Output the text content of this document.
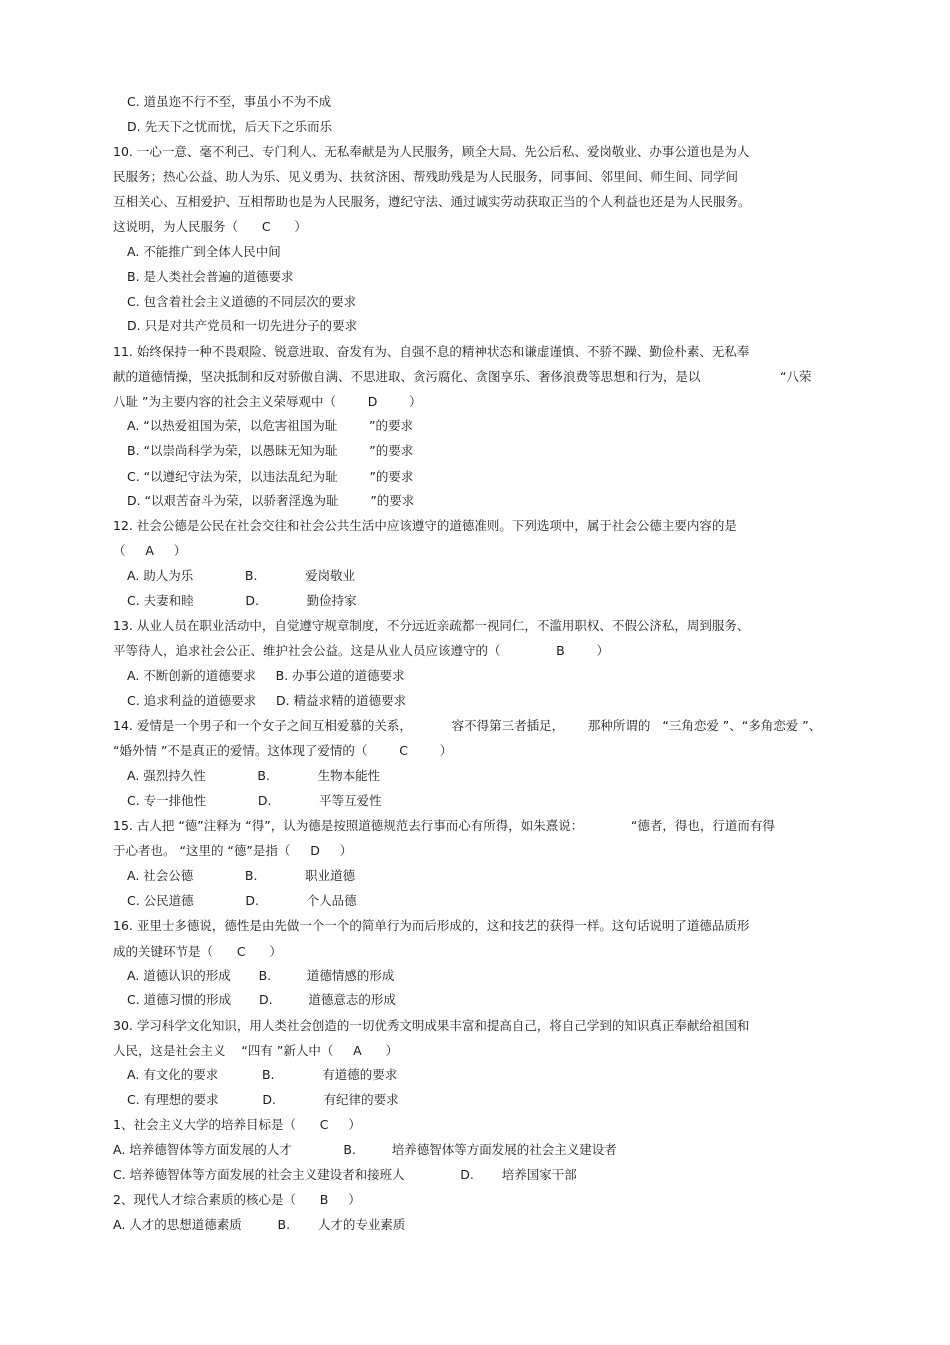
C. 道虽迩不行不至，事虽小不为不成
D. 先天下之忧而忧，后天下之乐而乐
10. 一心一意、毫不利己、专门利人、无私奉献是为人民服务，顾全大局、先公后私、爱岗敬业、办事公道也是为人
民服务；热心公益、助人为乐、见义勇为、扶贫济困、帮残助残是为人民服务，同事间、邻里间、师生间、同学间
互相关心、互相爱护、互相帮助也是为人民服务，遵纪守法、通过诚实劳动获取正当的个人利益也还是为人民服务。
这说明，为人民服务（      C      ）
A. 不能推广到全体人民中间
B. 是人类社会普遍的道德要求
C. 包含着社会主义道德的不同层次的要求
D. 只是对共产党员和一切先进分子的要求
11. 始终保持一种不畏艰险、锐意进取、奋发有为、自强不息的精神状态和谦虚谨慎、不骄不躁、勤俭朴素、无私奉
献的道德情操，坚决抵制和反对骄傲自满、不思进取、贪污腐化、贪图享乐、奢侈浪费等思想和行为，是以                    “八荣
八耻 ”为主要内容的社会主义荣辱观中（        D        ）
A. “以热爱祖国为荣，以危害祖国为耻        ”的要求
B. “以崇尚科学为荣，以愚昧无知为耻        ”的要求
C. “以遵纪守法为荣，以违法乱纪为耻        ”的要求
D. “以艰苦奋斗为荣，以骄奢淫逸为耻        ”的要求
12. 社会公德是公民在社会交往和社会公共生活中应该遵守的道德准则。下列选项中，属于社会公德主要内容的是
（     A     ）
A. 助人为乐             B.            爱岗敬业
C. 夫妻和睦             D.            勤俭持家
13. 从业人员在职业活动中，自觉遵守规章制度，不分远近亲疏都一视同仁，不滥用职权、不假公济私，周到服务、
平等待人，追求社会公正、维护社会公益。这是从业人员应该遵守的（              B        ）
A. 不断创新的道德要求     B. 办事公道的道德要求
C. 追求利益的道德要求     D. 精益求精的道德要求
14. 爱情是一个男子和一个女子之间互相爱慕的关系，          容不得第三者插足，      那种所谓的   “三角恋爱 ”、“多角恋爱 ”、
“婚外情 ”不是真正的爱情。这体现了爱情的（        C        ）
A. 强烈持久性             B.            生物本能性
C. 专一排他性             D.            平等互爱性
15. 古人把 “德”注释为 “得”，认为德是按照道德规范去行事而心有所得，如朱熹说：            “德者，得也，行道而有得
于心者也。 “这里的 “德”是指（     D     ）
A. 社会公德             B.            职业道德
C. 公民道德             D.            个人品德
16. 亚里士多德说，德性是由先做一个一个的简单行为而后形成的，这和技艺的获得一样。这句话说明了道德品质形
成的关键环节是（      C      ）
A. 道德认识的形成       B.         道德情感的形成
C. 道德习惯的形成       D.         道德意志的形成
30. 学习科学文化知识，用人类社会创造的一切优秀文明成果丰富和提高自己，将自己学到的知识真正奉献给祖国和
人民，这是社会主义    “四有 ”新人中（     A      ）
A. 有文化的要求           B.            有道德的要求
C. 有理想的要求           D.            有纪律的要求
1、社会主义大学的培养目标是（      C     ）
A. 培养德智体等方面发展的人才             B.         培养德智体等方面发展的社会主义建设者
C. 培养德智体等方面发展的社会主义建设者和接班人              D.       培养国家干部
2、现代人才综合素质的核心是（      B     ）
A. 人才的思想道德素质         B.       人才的专业素质
